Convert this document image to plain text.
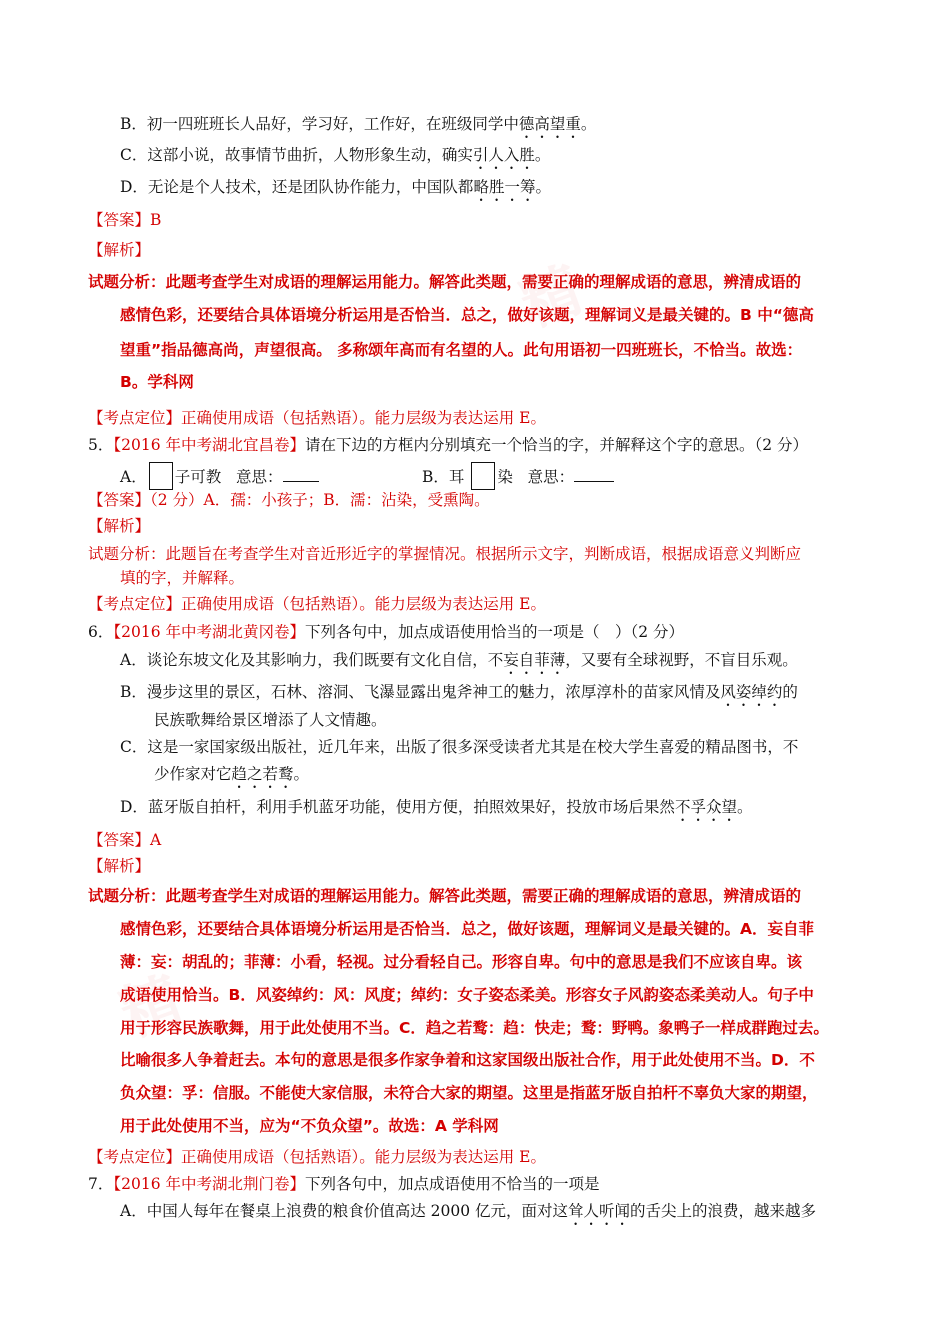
精
精
B．初一四班班长人品好，学习好，工作好，在班级同学中德高望重。
C．这部小说，故事情节曲折，人物形象生动，确实引人入胜。
D．无论是个人技术，还是团队协作能力，中国队都略胜一筹。
【答案】B
【解析】
试题分析：此题考查学生对成语的理解运用能力。解答此类题，需要正确的理解成语的意思，辨清成语的
感情色彩，还要结合具体语境分析运用是否恰当．总之，做好该题，理解词义是最关键的。B 中“德高
望重”指品德高尚，声望很高。 多称颂年高而有名望的人。此句用语初一四班班长，不恰当。故选：
B。学科网
【考点定位】正确使用成语（包括熟语）。能力层级为表达运用 E。
5．【2016 年中考湖北宜昌卷】请在下边的方框内分别填充一个恰当的字，并解释这个字的意思。（2 分）
A． 子可教 意思：	B．耳 染 意思：
【答案】（2 分）A．孺：小孩子；B．濡：沾染，受熏陶。
【解析】
试题分析：此题旨在考查学生对音近形近字的掌握情况。根据所示文字，判断成语，根据成语意义判断应
填的字，并解释。
【考点定位】正确使用成语（包括熟语）。能力层级为表达运用 E。
6．【2016 年中考湖北黄冈卷】下列各句中，加点成语使用恰当的一项是（　）（2 分）
A．谈论东坡文化及其影响力，我们既要有文化自信，不妄自菲薄，又要有全球视野，不盲目乐观。
B．漫步这里的景区，石林、溶洞、飞瀑显露出鬼斧神工的魅力，浓厚淳朴的苗家风情及风姿绰约的
民族歌舞给景区增添了人文情趣。
C．这是一家国家级出版社，近几年来，出版了很多深受读者尤其是在校大学生喜爱的精品图书，不
少作家对它趋之若鹜。
D．蓝牙版自拍杆，利用手机蓝牙功能，使用方便，拍照效果好，投放市场后果然不孚众望。
【答案】A
【解析】
试题分析：此题考查学生对成语的理解运用能力。解答此类题，需要正确的理解成语的意思，辨清成语的
感情色彩，还要结合具体语境分析运用是否恰当．总之，做好该题，理解词义是最关键的。A．妄自菲
薄：妄：胡乱的；菲薄：小看，轻视。过分看轻自己。形容自卑。句中的意思是我们不应该自卑。该
成语使用恰当。B．风姿绰约：风：风度；绰约：女子姿态柔美。形容女子风韵姿态柔美动人。句子中
用于形容民族歌舞，用于此处使用不当。C．趋之若鹜：趋：快走；鹜：野鸭。象鸭子一样成群跑过去。
比喻很多人争着赶去。本句的意思是很多作家争着和这家国级出版社合作，用于此处使用不当。D．不
负众望：孚：信服。不能使大家信服，未符合大家的期望。这里是指蓝牙版自拍杆不辜负大家的期望，
用于此处使用不当，应为“不负众望”。故选：A 学科网
【考点定位】正确使用成语（包括熟语）。能力层级为表达运用 E。
7．【2016 年中考湖北荆门卷】下列各句中，加点成语使用不恰当的一项是
A．中国人每年在餐桌上浪费的粮食价值高达 2000 亿元，面对这耸人听闻的舌尖上的浪费，越来越多
